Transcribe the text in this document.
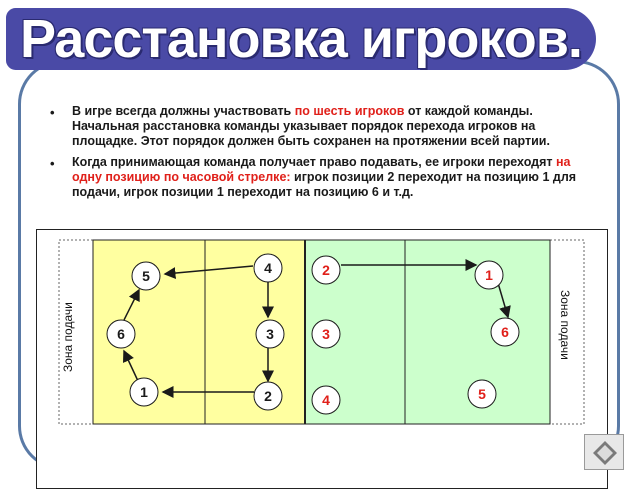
Расстановка игроков.
• В игре всегда должны участвовать по шесть игроков от каждой команды. Начальная расстановка команды указывает порядок перехода игроков на площадке. Этот порядок должен быть сохранен на протяжении всей партии.
• Когда принимающая команда получает право подавать, ее игроки переходят на одну позицию по часовой стрелке: игрок позиции 2 переходит на позицию 1 для подачи, игрок позиции 1 переходит на позицию 6 и т.д.
5	4
6	3
1	2
2	1
3	6
4	5
Зона подачи	Зона подачи
